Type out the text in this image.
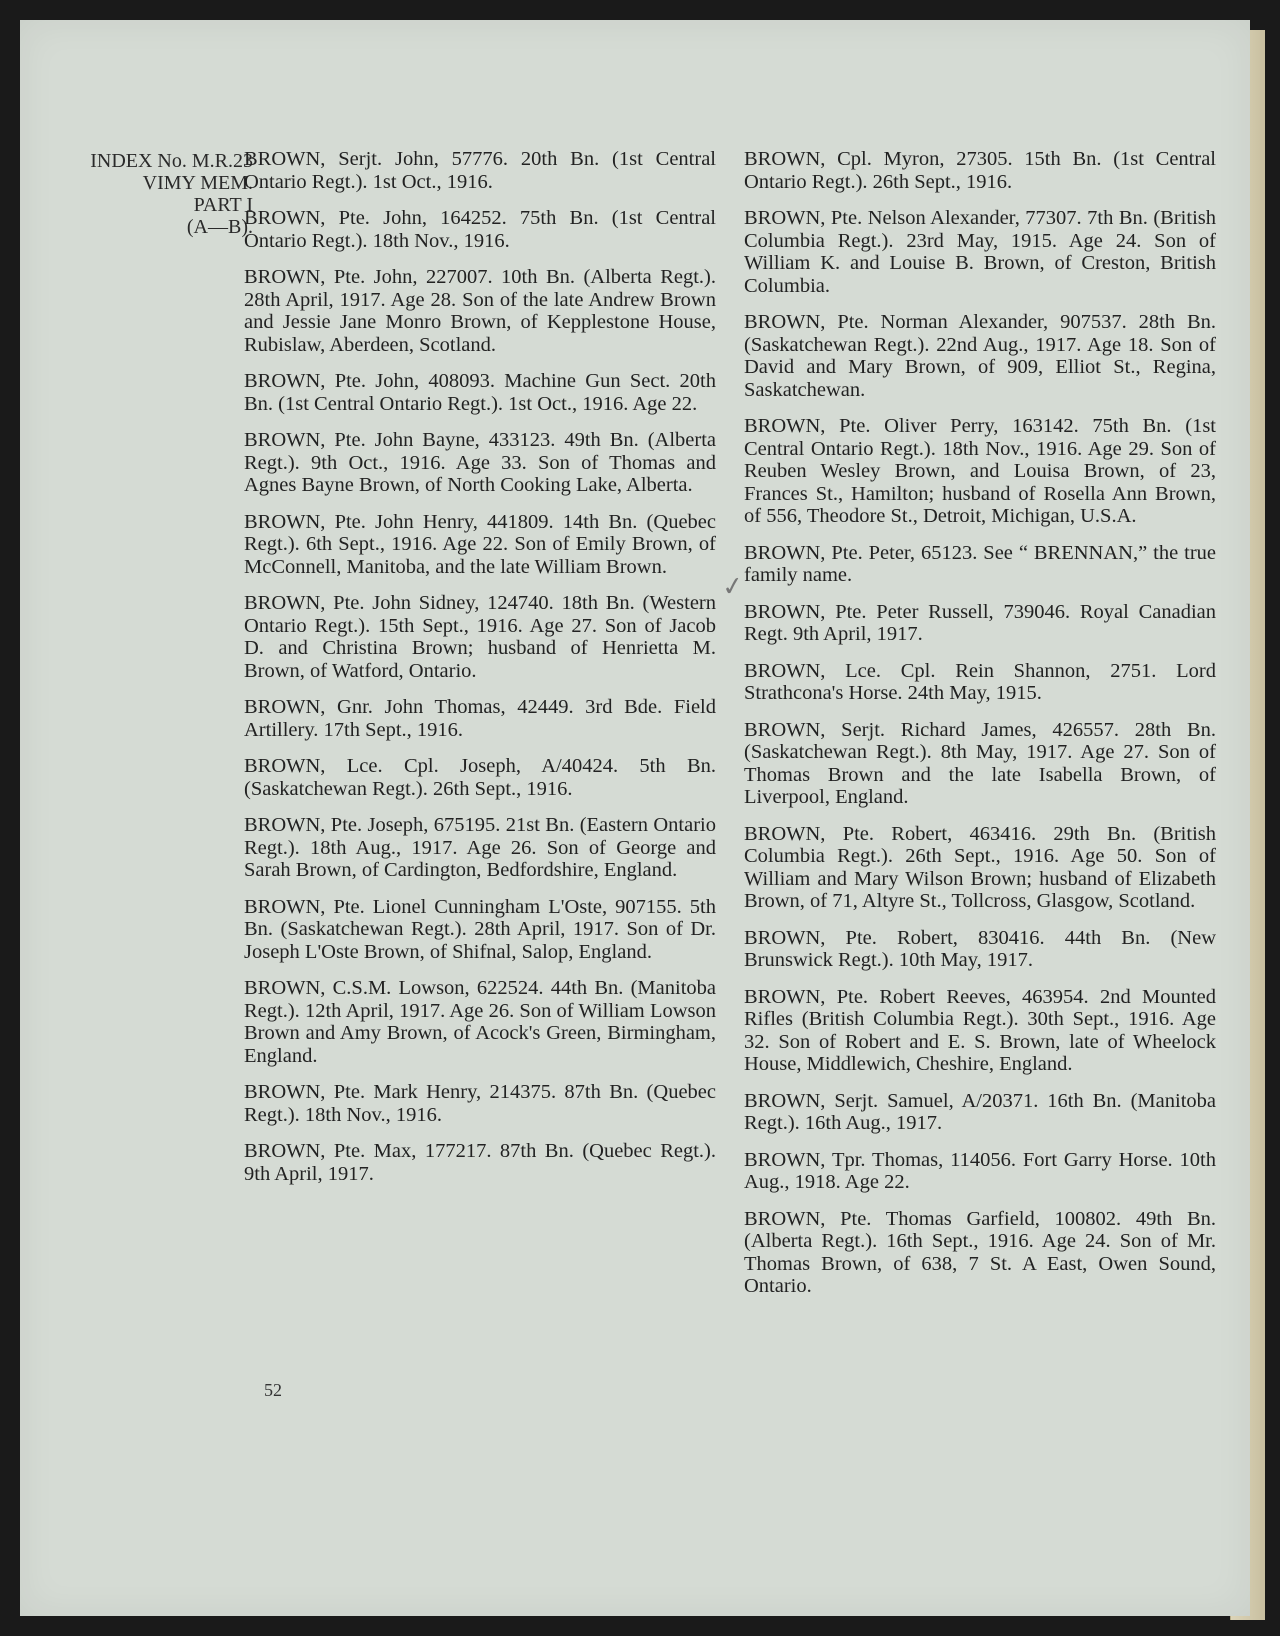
INDEX No. M.R.23
VIMY MEM.
PART I
(A—B).

BROWN, Serjt. John, 57776. 20th Bn. (1st Central Ontario Regt.). 1st Oct., 1916.

BROWN, Pte. John, 164252. 75th Bn. (1st Central Ontario Regt.). 18th Nov., 1916.

BROWN, Pte. John, 227007. 10th Bn. (Alberta Regt.). 28th April, 1917. Age 28. Son of the late Andrew Brown and Jessie Jane Monro Brown, of Kepplestone House, Rubislaw, Aberdeen, Scotland.

BROWN, Pte. John, 408093. Machine Gun Sect. 20th Bn. (1st Central Ontario Regt.). 1st Oct., 1916. Age 22.

BROWN, Pte. John Bayne, 433123. 49th Bn. (Alberta Regt.). 9th Oct., 1916. Age 33. Son of Thomas and Agnes Bayne Brown, of North Cooking Lake, Alberta.

BROWN, Pte. John Henry, 441809. 14th Bn. (Quebec Regt.). 6th Sept., 1916. Age 22. Son of Emily Brown, of McConnell, Manitoba, and the late William Brown.

BROWN, Pte. John Sidney, 124740. 18th Bn. (Western Ontario Regt.). 15th Sept., 1916. Age 27. Son of Jacob D. and Christina Brown; husband of Henrietta M. Brown, of Watford, Ontario.

BROWN, Gnr. John Thomas, 42449. 3rd Bde. Field Artillery. 17th Sept., 1916.

BROWN, Lce. Cpl. Joseph, A/40424. 5th Bn. (Saskatchewan Regt.). 26th Sept., 1916.

BROWN, Pte. Joseph, 675195. 21st Bn. (Eastern Ontario Regt.). 18th Aug., 1917. Age 26. Son of George and Sarah Brown, of Cardington, Bedfordshire, England.

BROWN, Pte. Lionel Cunningham L'Oste, 907155. 5th Bn. (Saskatchewan Regt.). 28th April, 1917. Son of Dr. Joseph L'Oste Brown, of Shifnal, Salop, England.

BROWN, C.S.M. Lowson, 622524. 44th Bn. (Manitoba Regt.). 12th April, 1917. Age 26. Son of William Lowson Brown and Amy Brown, of Acock's Green, Birmingham, England.

BROWN, Pte. Mark Henry, 214375. 87th Bn. (Quebec Regt.). 18th Nov., 1916.

BROWN, Pte. Max, 177217. 87th Bn. (Quebec Regt.). 9th April, 1917.

BROWN, Cpl. Myron, 27305. 15th Bn. (1st Central Ontario Regt.). 26th Sept., 1916.

BROWN, Pte. Nelson Alexander, 77307. 7th Bn. (British Columbia Regt.). 23rd May, 1915. Age 24. Son of William K. and Louise B. Brown, of Creston, British Columbia.

BROWN, Pte. Norman Alexander, 907537. 28th Bn. (Saskatchewan Regt.). 22nd Aug., 1917. Age 18. Son of David and Mary Brown, of 909, Elliot St., Regina, Saskatchewan.

BROWN, Pte. Oliver Perry, 163142. 75th Bn. (1st Central Ontario Regt.). 18th Nov., 1916. Age 29. Son of Reuben Wesley Brown, and Louisa Brown, of 23, Frances St., Hamilton; husband of Rosella Ann Brown, of 556, Theodore St., Detroit, Michigan, U.S.A.

BROWN, Pte. Peter, 65123. See “ BRENNAN,” the true family name.

BROWN, Pte. Peter Russell, 739046. Royal Canadian Regt. 9th April, 1917.

BROWN, Lce. Cpl. Rein Shannon, 2751. Lord Strathcona's Horse. 24th May, 1915.

BROWN, Serjt. Richard James, 426557. 28th Bn. (Saskatchewan Regt.). 8th May, 1917. Age 27. Son of Thomas Brown and the late Isabella Brown, of Liverpool, England.

BROWN, Pte. Robert, 463416. 29th Bn. (British Columbia Regt.). 26th Sept., 1916. Age 50. Son of William and Mary Wilson Brown; husband of Elizabeth Brown, of 71, Altyre St., Tollcross, Glasgow, Scotland.

BROWN, Pte. Robert, 830416. 44th Bn. (New Brunswick Regt.). 10th May, 1917.

BROWN, Pte. Robert Reeves, 463954. 2nd Mounted Rifles (British Columbia Regt.). 30th Sept., 1916. Age 32. Son of Robert and E. S. Brown, late of Wheelock House, Middlewich, Cheshire, England.

BROWN, Serjt. Samuel, A/20371. 16th Bn. (Manitoba Regt.). 16th Aug., 1917.

BROWN, Tpr. Thomas, 114056. Fort Garry Horse. 10th Aug., 1918. Age 22.

BROWN, Pte. Thomas Garfield, 100802. 49th Bn. (Alberta Regt.). 16th Sept., 1916. Age 24. Son of Mr. Thomas Brown, of 638, 7 St. A East, Owen Sound, Ontario.

✓
52
